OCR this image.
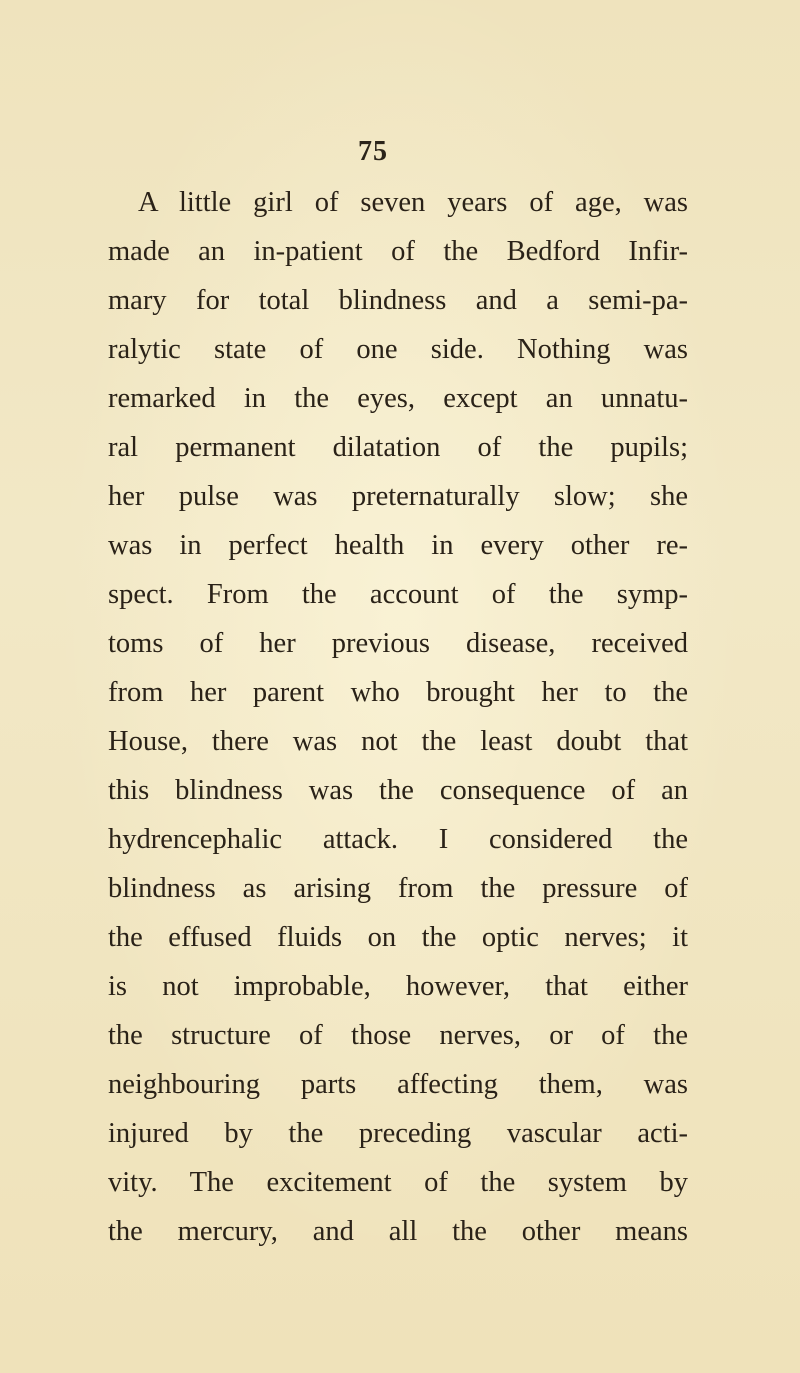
75
A little girl of seven years of age, was
made an in-patient of the Bedford Infir-
mary for total blindness and a semi-pa-
ralytic state of one side. Nothing was
remarked in the eyes, except an unnatu-
ral permanent dilatation of the pupils;
her pulse was preternaturally slow; she
was in perfect health in every other re-
spect. From the account of the symp-
toms of her previous disease, received
from her parent who brought her to the
House, there was not the least doubt that
this blindness was the consequence of an
hydrencephalic attack. I considered the
blindness as arising from the pressure of
the effused fluids on the optic nerves; it
is not improbable, however, that either
the structure of those nerves, or of the
neighbouring parts affecting them, was
injured by the preceding vascular acti-
vity. The excitement of the system by
the mercury, and all the other means
